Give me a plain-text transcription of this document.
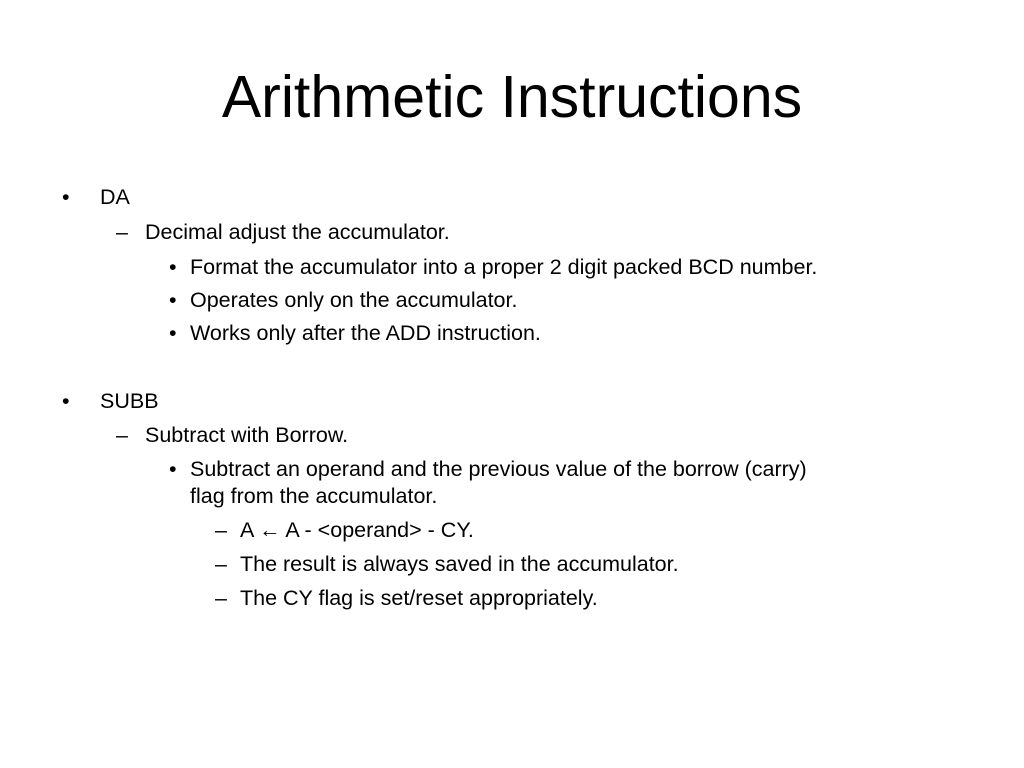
Arithmetic Instructions
• DA
– Decimal adjust the accumulator.
• Format the accumulator into a proper 2 digit packed BCD number.
• Operates only on the accumulator.
• Works only after the ADD instruction.
• SUBB
– Subtract with Borrow.
• Subtract an operand and the previous value of the borrow (carry)
flag from the accumulator.
– A ← A - <operand> - CY.
– The result is always saved in the accumulator.
– The CY flag is set/reset appropriately.
